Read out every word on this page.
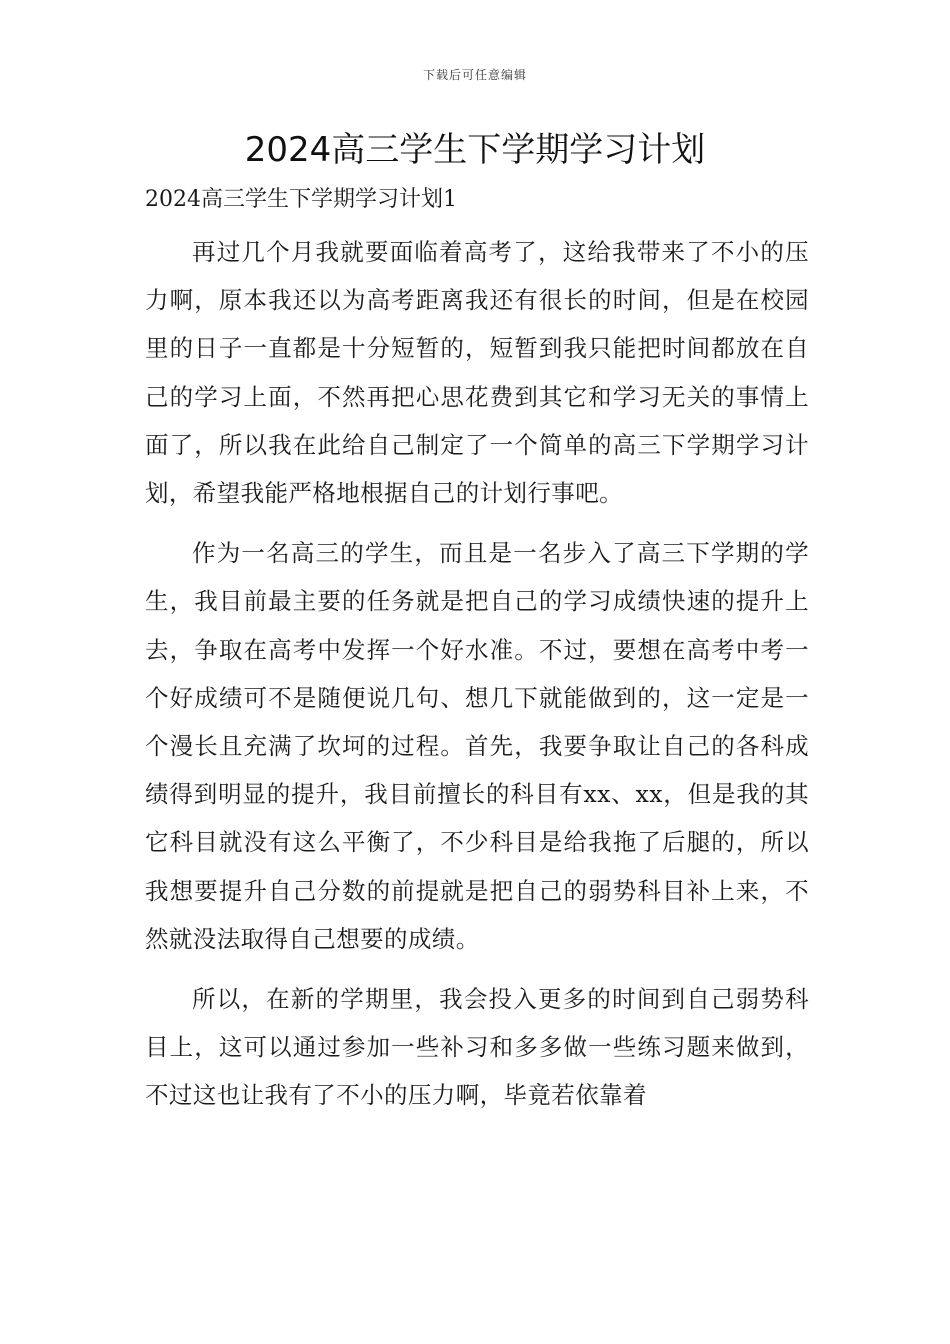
下载后可任意编辑
2024高三学生下学期学习计划
2024高三学生下学期学习计划1

再过几个月我就要面临着高考了，这给我带来了不小的压力啊，原本我还以为高考距离我还有很长的时间，但是在校园里的日子一直都是十分短暂的，短暂到我只能把时间都放在自己的学习上面，不然再把心思花费到其它和学习无关的事情上面了，所以我在此给自己制定了一个简单的高三下学期学习计划，希望我能严格地根据自己的计划行事吧。

作为一名高三的学生，而且是一名步入了高三下学期的学生，我目前最主要的任务就是把自己的学习成绩快速的提升上去，争取在高考中发挥一个好水准。不过，要想在高考中考一个好成绩可不是随便说几句、想几下就能做到的，这一定是一个漫长且充满了坎坷的过程。首先，我要争取让自己的各科成绩得到明显的提升，我目前擅长的科目有xx、xx，但是我的其它科目就没有这么平衡了，不少科目是给我拖了后腿的，所以我想要提升自己分数的前提就是把自己的弱势科目补上来，不然就没法取得自己想要的成绩。

所以，在新的学期里，我会投入更多的时间到自己弱势科目上，这可以通过参加一些补习和多多做一些练习题来做到，不过这也让我有了不小的压力啊，毕竟若依靠着
